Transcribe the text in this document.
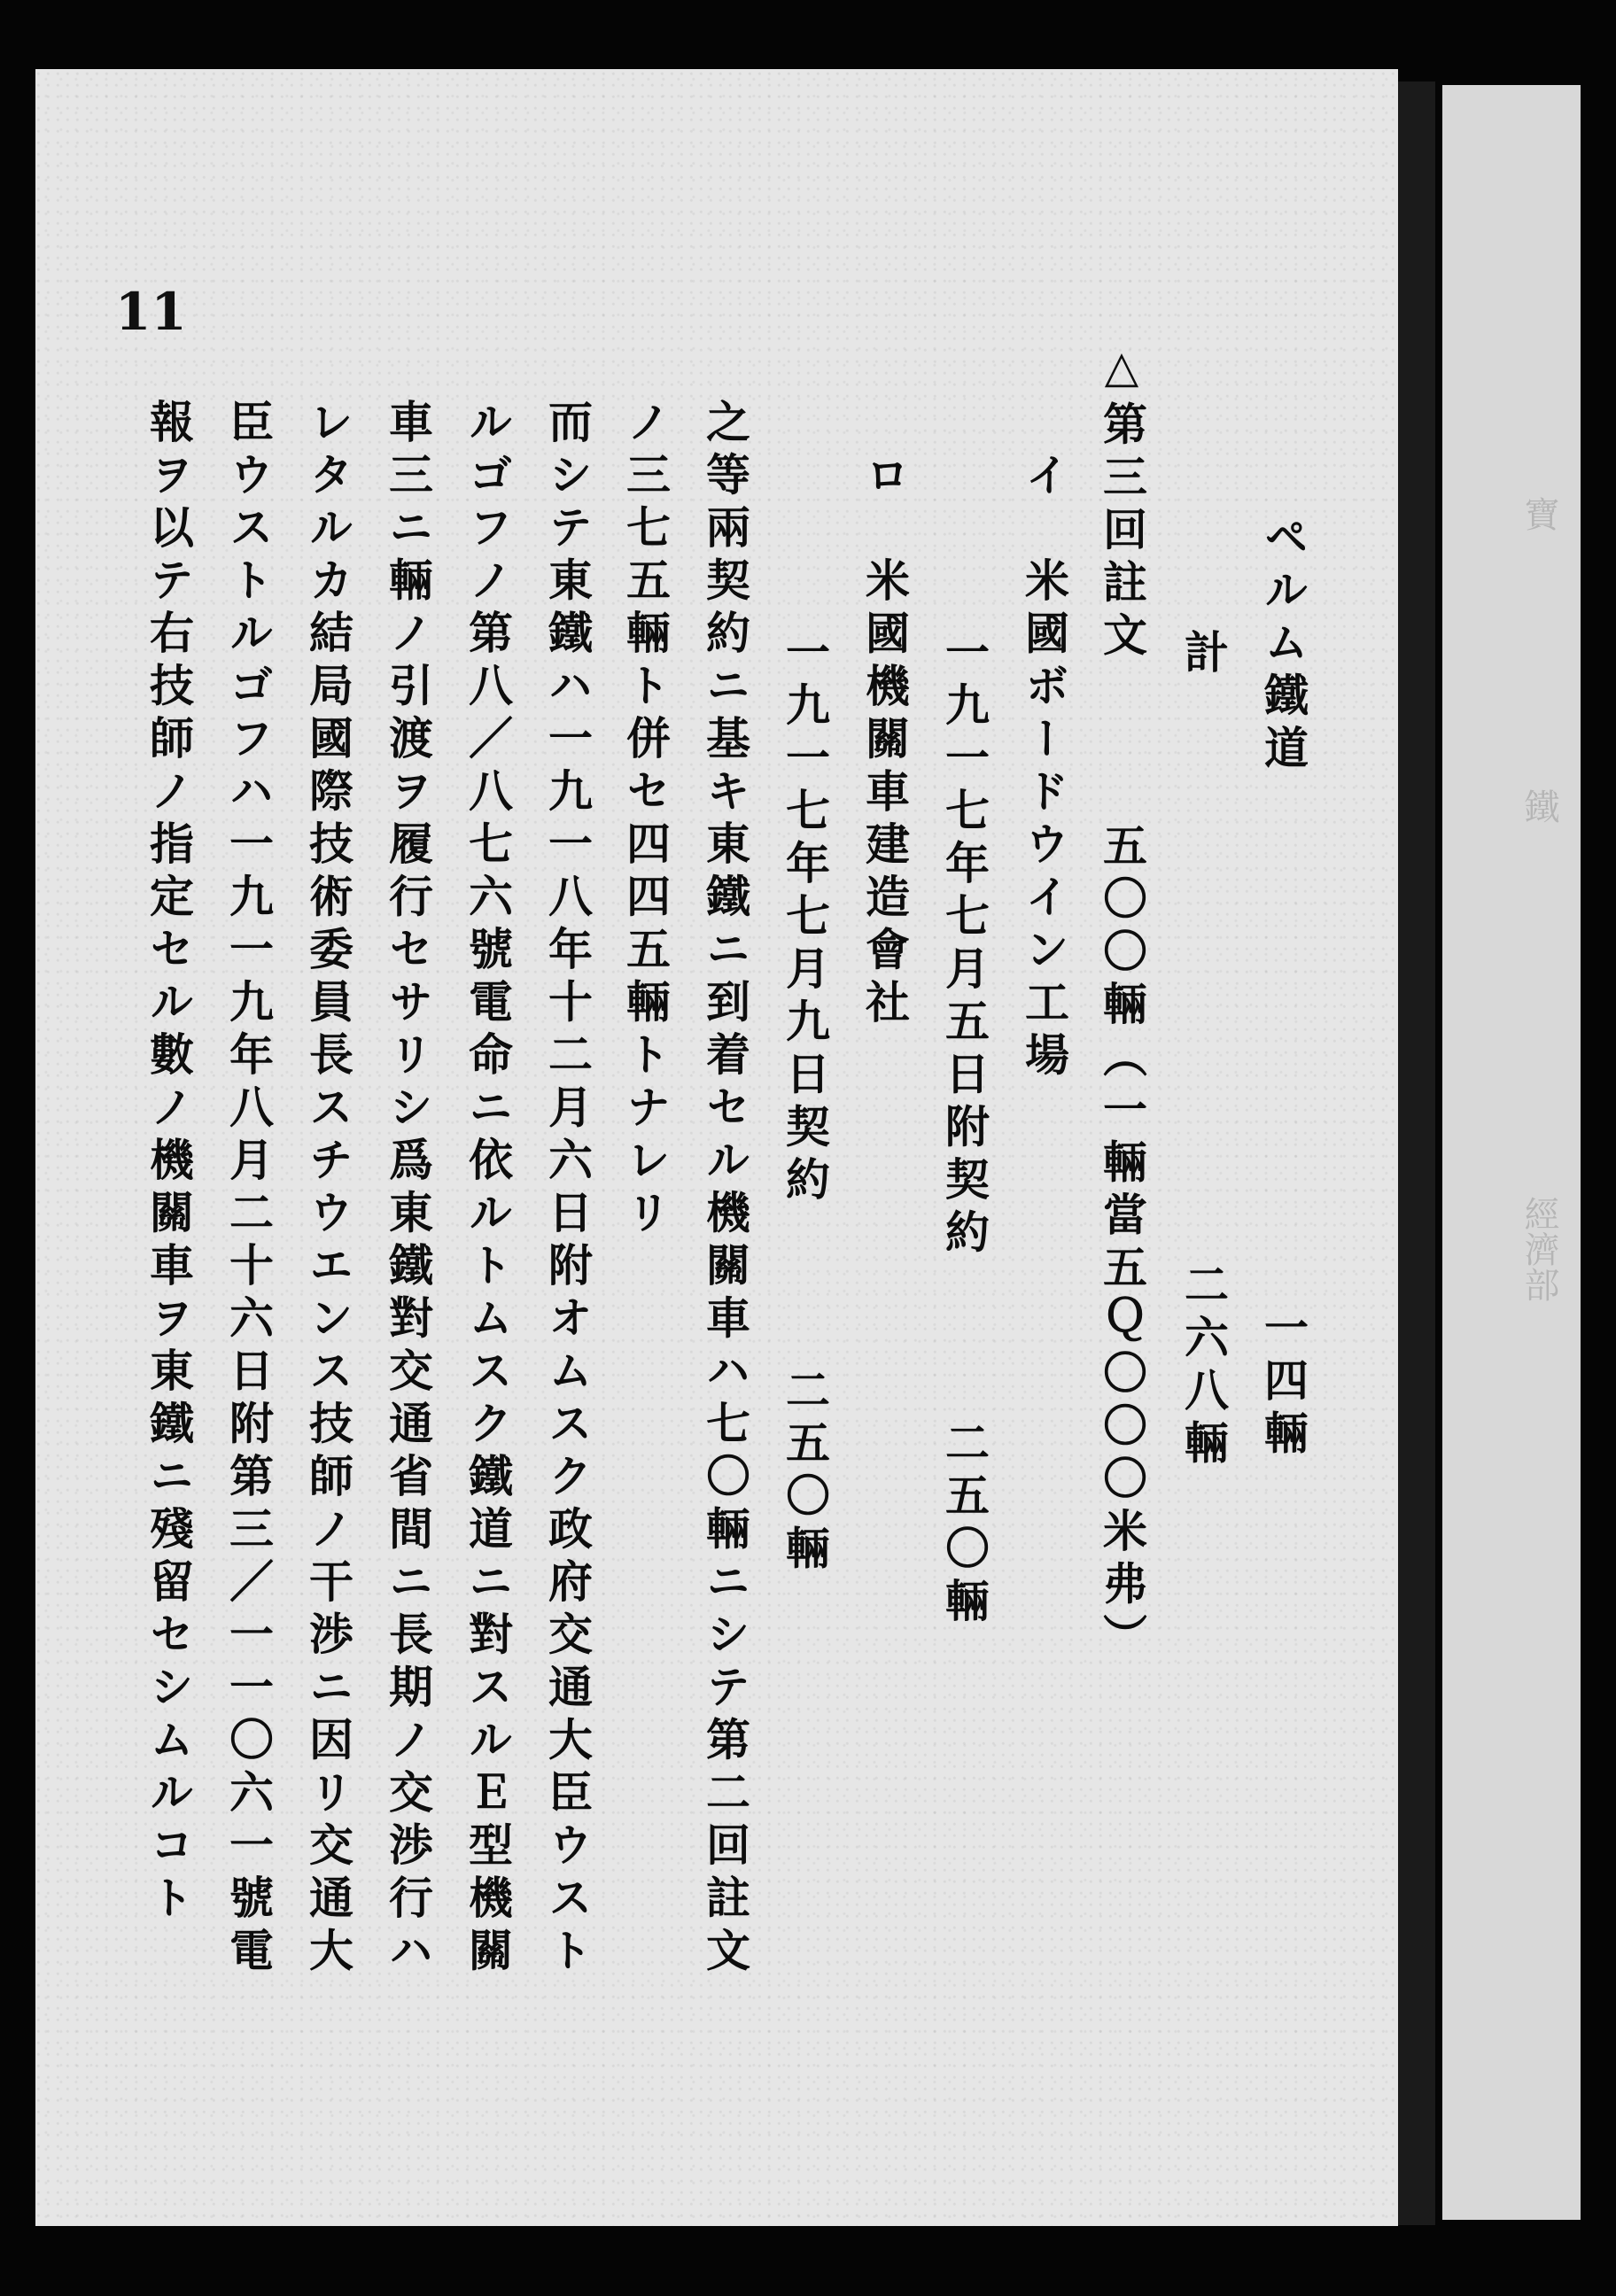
寶
鐵
經濟部
11
ペルム鐵道　　　　　　　　　　一四輛
計　　　　　　　　　　　二六八輛
△第三回註文　　　五〇〇輛（一輛當五Ｑ〇〇〇米弗）
イ　米國ボードウイン工場
一九一七年七月五日附契約　　　二五〇輛
ロ　米國機關車建造會社
一九一七年七月九日契約　　　二五〇輛
之等兩契約ニ基キ東鐵ニ到着セル機關車ハ七〇輛ニシテ第二回註文
ノ三七五輛ト併セ四四五輛トナレリ
而シテ東鐵ハ一九一八年十二月六日附オムスク政府交通大臣ウスト
ルゴフノ第八／八七六號電命ニ依ルトムスク鐵道ニ對スルＥ型機關
車三ニ輛ノ引渡ヲ履行セサリシ爲東鐵對交通省間ニ長期ノ交渉行ハ
レタルカ結局國際技術委員長スチウエンス技師ノ干渉ニ因リ交通大
臣ウストルゴフハ一九一九年八月二十六日附第三／一一〇六一號電
報ヲ以テ右技師ノ指定セル數ノ機關車ヲ東鐵ニ殘留セシムルコト
